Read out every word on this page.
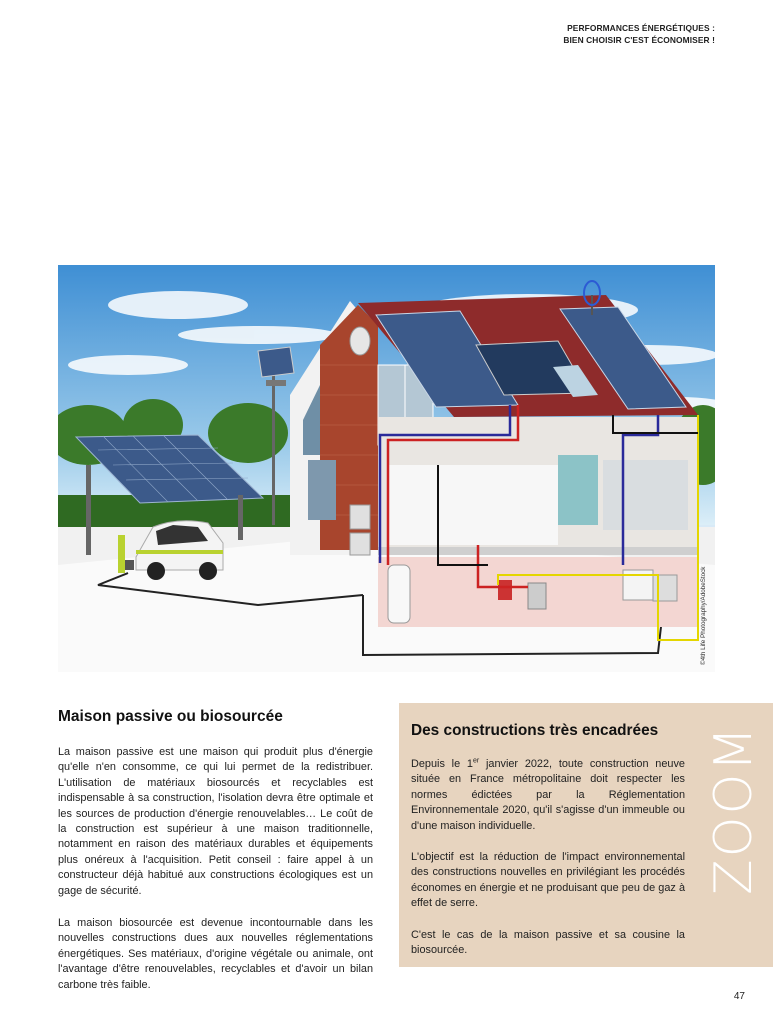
PERFORMANCES ÉNERGÉTIQUES :
BIEN CHOISIR C'EST ÉCONOMISER !
©4th Life Photography/AdobeStock
Maison passive ou biosourcée

La maison passive est une maison qui produit plus d'énergie qu'elle n'en consomme, ce qui lui permet de la redistribuer. L'utilisation de matériaux biosourcés et recyclables est indispensable à sa construction, l'isolation devra être optimale et les sources de production d'énergie renouvelables… Le coût de la construction est supérieur à une maison traditionnelle, notamment en raison des matériaux durables et équipements plus onéreux à l'acquisition. Petit conseil : faire appel à un constructeur déjà habitué aux constructions écologiques est un gage de sécurité.

La maison biosourcée est devenue incontournable dans les nouvelles constructions dues aux nouvelles réglementations énergétiques. Ses matériaux, d'origine végétale ou animale, ont l'avantage d'être renouvelables, recyclables et d'avoir un bilan carbone très faible.

ZOOM
Des constructions très encadrées

Depuis le 1er janvier 2022, toute construction neuve située en France métropolitaine doit respecter les normes édictées par la Réglementation Environnementale 2020, qu'il s'agisse d'un immeuble ou d'une maison individuelle.

L'objectif est la réduction de l'impact environnemental des constructions nouvelles en privilégiant les procédés économes en énergie et ne produisant que peu de gaz à effet de serre.

C'est le cas de la maison passive et sa cousine la biosourcée.

47
